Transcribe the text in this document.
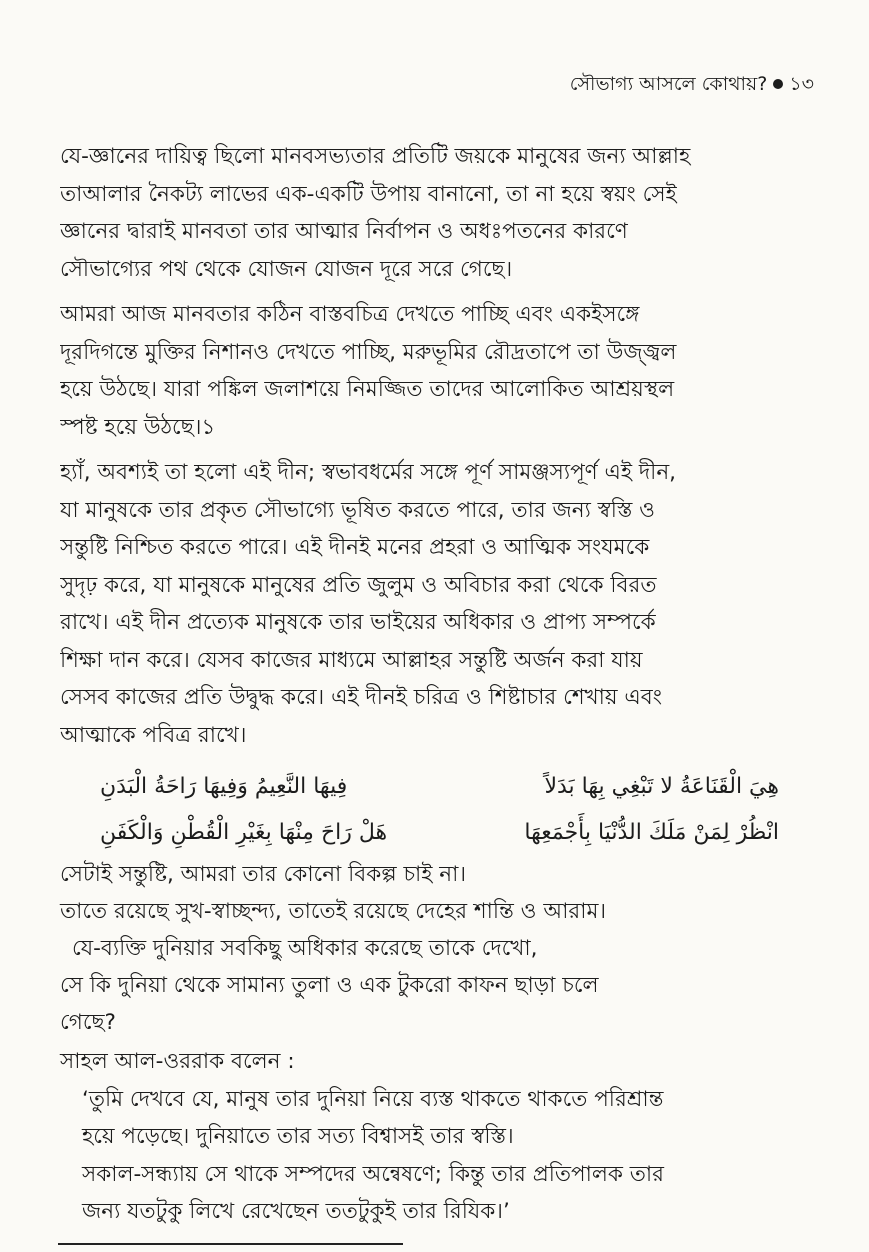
সৌভাগ্য আসলে কোথায়? ১৩
যে-জ্ঞানের দায়িত্ব ছিলো মানবসভ্যতার প্রতিটি জয়কে মানুষের জন্য আল্লাহ
তাআলার নৈকট্য লাভের এক-একটি উপায় বানানো, তা না হয়ে স্বয়ং সেই
জ্ঞানের দ্বারাই মানবতা তার আত্মার নির্বাপন ও অধঃপতনের কারণে
সৌভাগ্যের পথ থেকে যোজন যোজন দূরে সরে গেছে।
আমরা আজ মানবতার কঠিন বাস্তবচিত্র দেখতে পাচ্ছি এবং একইসঙ্গে
দূরদিগন্তে মুক্তির নিশানও দেখতে পাচ্ছি, মরুভূমির রৌদ্রতাপে তা উজ্জ্বল
হয়ে উঠছে। যারা পঙ্কিল জলাশয়ে নিমজ্জিত তাদের আলোকিত আশ্রয়স্থল
স্পষ্ট হয়ে উঠছে।১
হ্যাঁ, অবশ্যই তা হলো এই দীন; স্বভাবধর্মের সঙ্গে পূর্ণ সামঞ্জস্যপূর্ণ এই দীন,
যা মানুষকে তার প্রকৃত সৌভাগ্যে ভূষিত করতে পারে, তার জন্য স্বস্তি ও
সন্তুষ্টি নিশ্চিত করতে পারে। এই দীনই মনের প্রহরা ও আত্মিক সংযমকে
সুদৃঢ় করে, যা মানুষকে মানুষের প্রতি জুলুম ও অবিচার করা থেকে বিরত
রাখে। এই দীন প্রত্যেক মানুষকে তার ভাইয়ের অধিকার ও প্রাপ্য সম্পর্কে
শিক্ষা দান করে। যেসব কাজের মাধ্যমে আল্লাহর সন্তুষ্টি অর্জন করা যায়
সেসব কাজের প্রতি উদ্বুদ্ধ করে। এই দীনই চরিত্র ও শিষ্টাচার শেখায় এবং
আত্মাকে পবিত্র রাখে।
هِيَ الْقَنَاعَةُ لا تَبْغِي بِهَا بَدَلاً
فِيهَا النَّعِيمُ وَفِيهَا رَاحَةُ الْبَدَنِ
انْظُرْ لِمَنْ مَلَكَ الدُّنْيَا بِأَجْمَعِهَا
هَلْ رَاحَ مِنْهَا بِغَيْرِ الْقُطْنِ وَالْكَفَنِ
সেটাই সন্তুষ্টি, আমরা তার কোনো বিকল্প চাই না।
তাতে রয়েছে সুখ-স্বাচ্ছন্দ্য, তাতেই রয়েছে দেহের শান্তি ও আরাম।
যে-ব্যক্তি দুনিয়ার সবকিছু অধিকার করেছে তাকে দেখো,
সে কি দুনিয়া থেকে সামান্য তুলা ও এক টুকরো কাফন ছাড়া চলে
গেছে?
সাহল আল-ওররাক বলেন :
‘তুমি দেখবে যে, মানুষ তার দুনিয়া নিয়ে ব্যস্ত থাকতে থাকতে পরিশ্রান্ত
হয়ে পড়েছে। দুনিয়াতে তার সত্য বিশ্বাসই তার স্বস্তি।
সকাল-সন্ধ্যায় সে থাকে সম্পদের অন্বেষণে; কিন্তু তার প্রতিপালক তার
জন্য যতটুকু লিখে রেখেছেন ততটুকুই তার রিযিক।’
